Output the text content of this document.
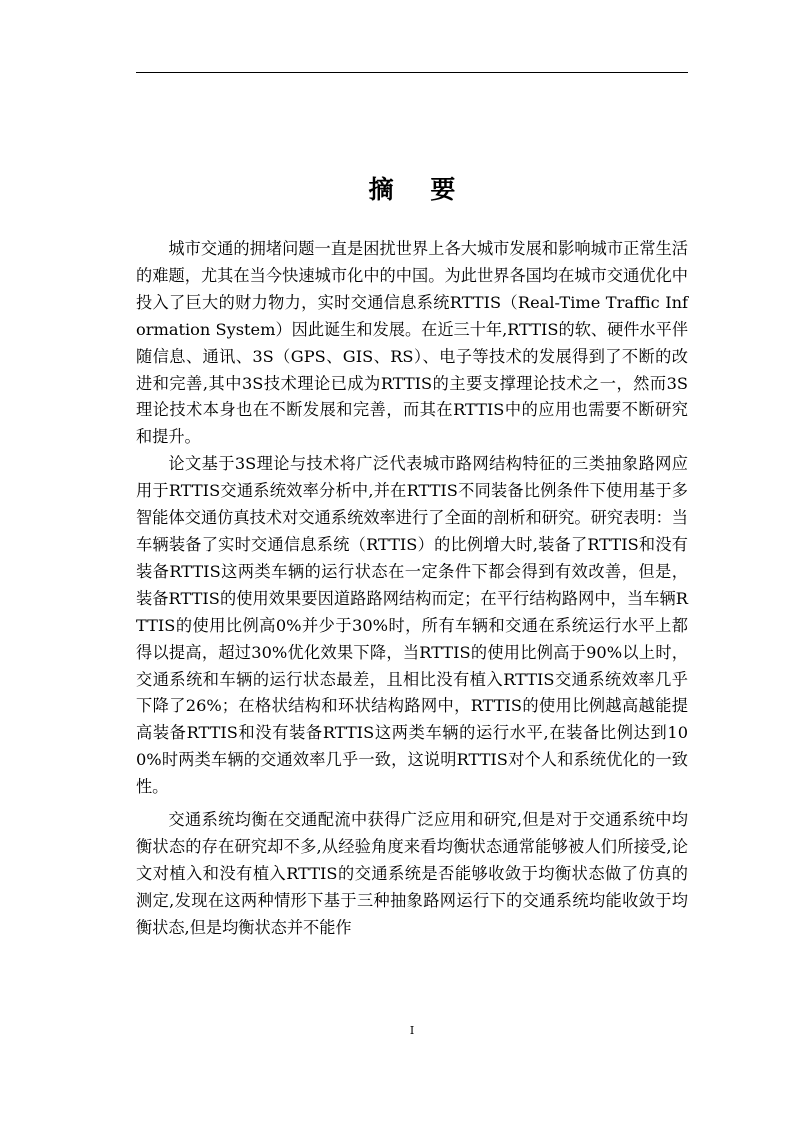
摘 要

城市交通的拥堵问题一直是困扰世界上各大城市发展和影响城市正常生活的难题，尤其在当今快速城市化中的中国。为此世界各国均在城市交通优化中投入了巨大的财力物力，实时交通信息系统RTTIS（Real-Time Traffic Information System）因此诞生和发展。在近三十年,RTTIS的软、硬件水平伴随信息、通讯、3S（GPS、GIS、RS）、电子等技术的发展得到了不断的改进和完善,其中3S技术理论已成为RTTIS的主要支撑理论技术之一，然而3S理论技术本身也在不断发展和完善，而其在RTTIS中的应用也需要不断研究和提升。

论文基于3S理论与技术将广泛代表城市路网结构特征的三类抽象路网应用于RTTIS交通系统效率分析中,并在RTTIS不同装备比例条件下使用基于多智能体交通仿真技术对交通系统效率进行了全面的剖析和研究。研究表明：当车辆装备了实时交通信息系统（RTTIS）的比例增大时,装备了RTTIS和没有装备RTTIS这两类车辆的运行状态在一定条件下都会得到有效改善，但是，装备RTTIS的使用效果要因道路路网结构而定；在平行结构路网中，当车辆RTTIS的使用比例高0%并少于30%时，所有车辆和交通在系统运行水平上都得以提高，超过30%优化效果下降，当RTTIS的使用比例高于90%以上时，交通系统和车辆的运行状态最差，且相比没有植入RTTIS交通系统效率几乎下降了26%；在格状结构和环状结构路网中，RTTIS的使用比例越高越能提高装备RTTIS和没有装备RTTIS这两类车辆的运行水平,在装备比例达到100%时两类车辆的交通效率几乎一致，这说明RTTIS对个人和系统优化的一致性。

交通系统均衡在交通配流中获得广泛应用和研究,但是对于交通系统中均衡状态的存在研究却不多,从经验角度来看均衡状态通常能够被人们所接受,论文对植入和没有植入RTTIS的交通系统是否能够收敛于均衡状态做了仿真的测定,发现在这两种情形下基于三种抽象路网运行下的交通系统均能收敛于均衡状态,但是均衡状态并不能作

I
